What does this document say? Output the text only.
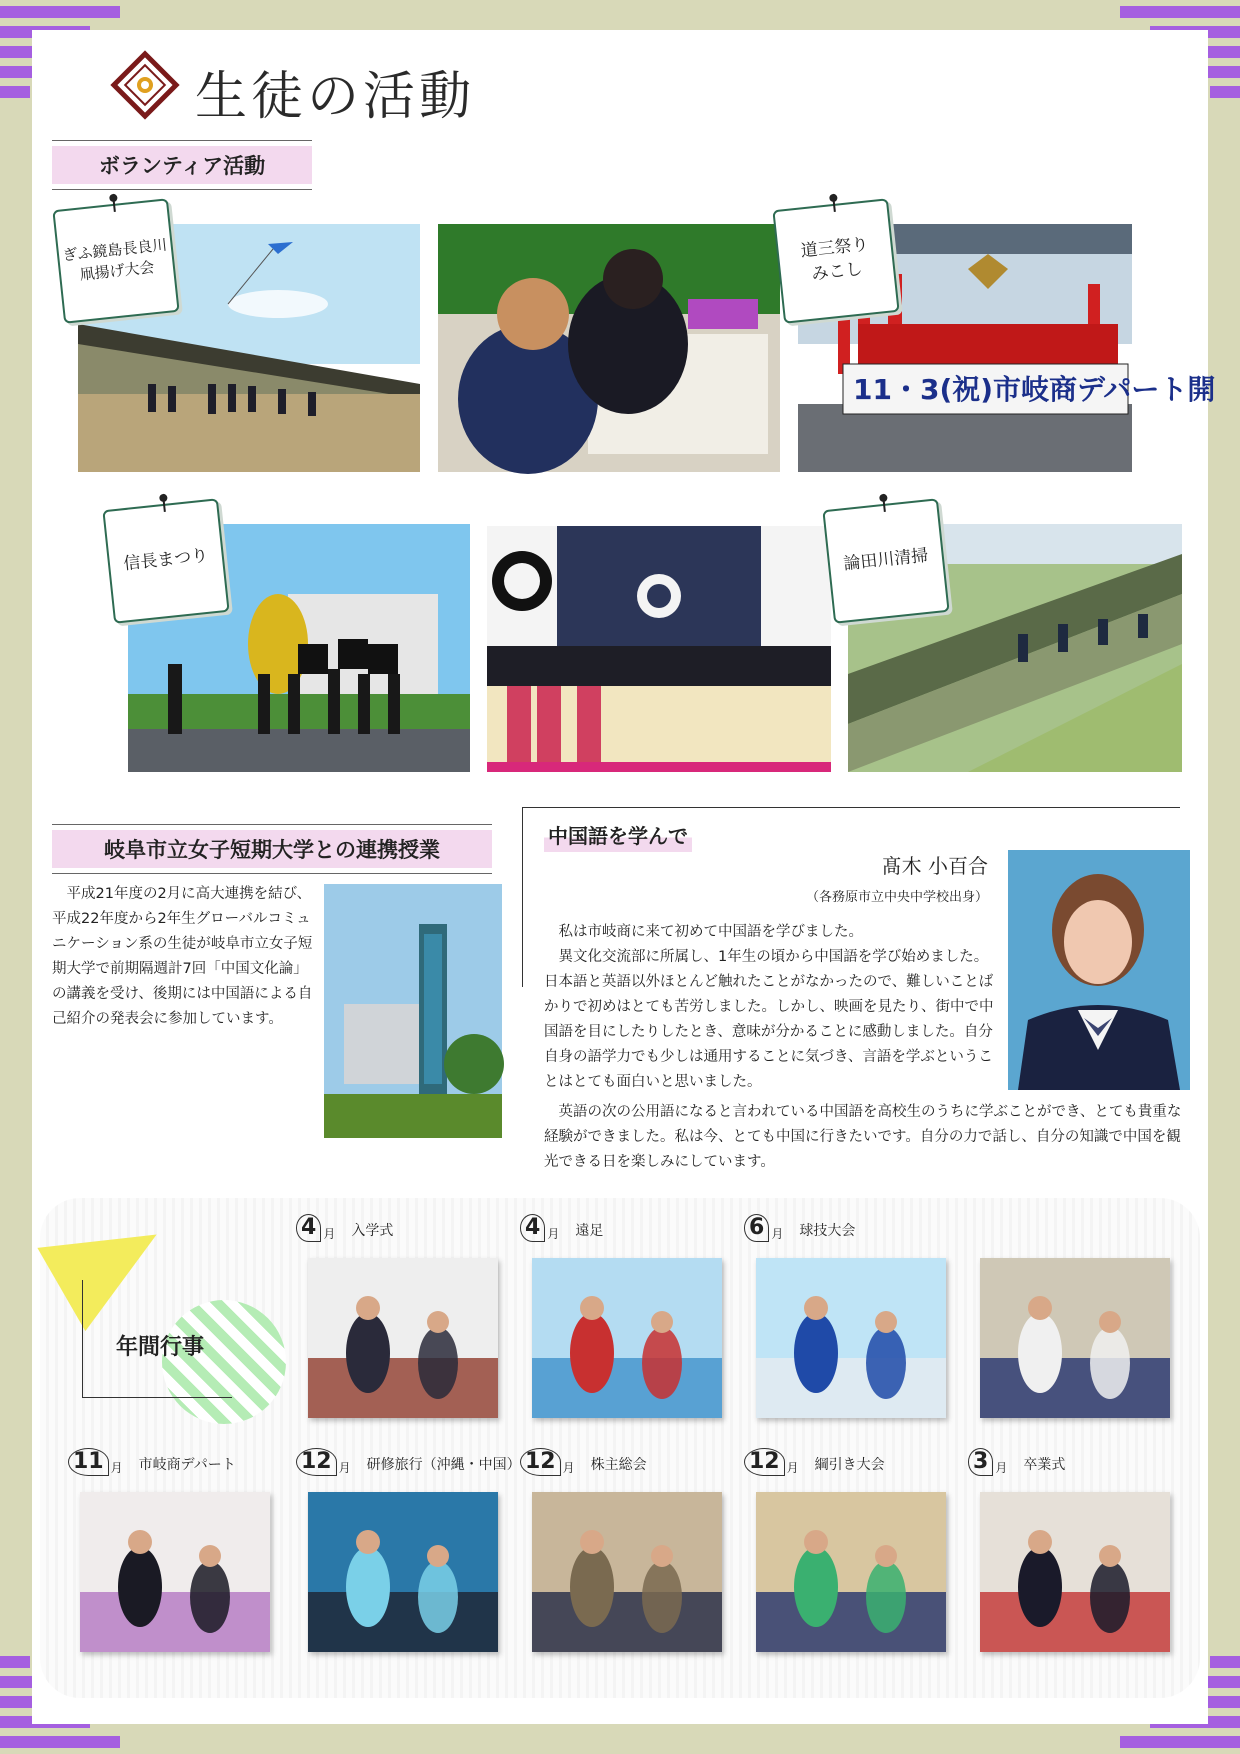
生徒の活動
ボランティア活動
11・3(祝)市岐商デパート開
ぎふ鏡島長良川
凧揚げ大会
道三祭り
みこし
信長まつり	論田川清掃
岐阜市立女子短期大学との連携授業
　平成21年度の2月に高大連携を結び、平成22年度から2年生グローバルコミュニケーション系の生徒が岐阜市立女子短期大学で前期隔週計7回「中国文化論」の講義を受け、後期には中国語による自己紹介の発表会に参加しています。
中国語を学んで
髙木 小百合
（各務原市立中央中学校出身）
　私は市岐商に来て初めて中国語を学びました。
　異文化交流部に所属し、1年生の頃から中国語を学び始めました。日本語と英語以外ほとんど触れたことがなかったので、難しいことばかりで初めはとても苦労しました。しかし、映画を見たり、街中で中国語を目にしたりしたとき、意味が分かることに感動しました。自分自身の語学力でも少しは通用することに気づき、言語を学ぶということはとても面白いと思いました。
　英語の次の公用語になると言われている中国語を高校生のうちに学ぶことができ、とても貴重な経験ができました。私は今、とても中国に行きたいです。自分の力で話し、自分の知識で中国を観光できる日を楽しみにしています。
年間行事
4 月 入学式	4 月 遠足	6 月 球技大会
11 月 市岐商デパート	12 月 研修旅行（沖縄・中国） 12 月 株主総会	12 月 綱引き大会	3 月 卒業式
